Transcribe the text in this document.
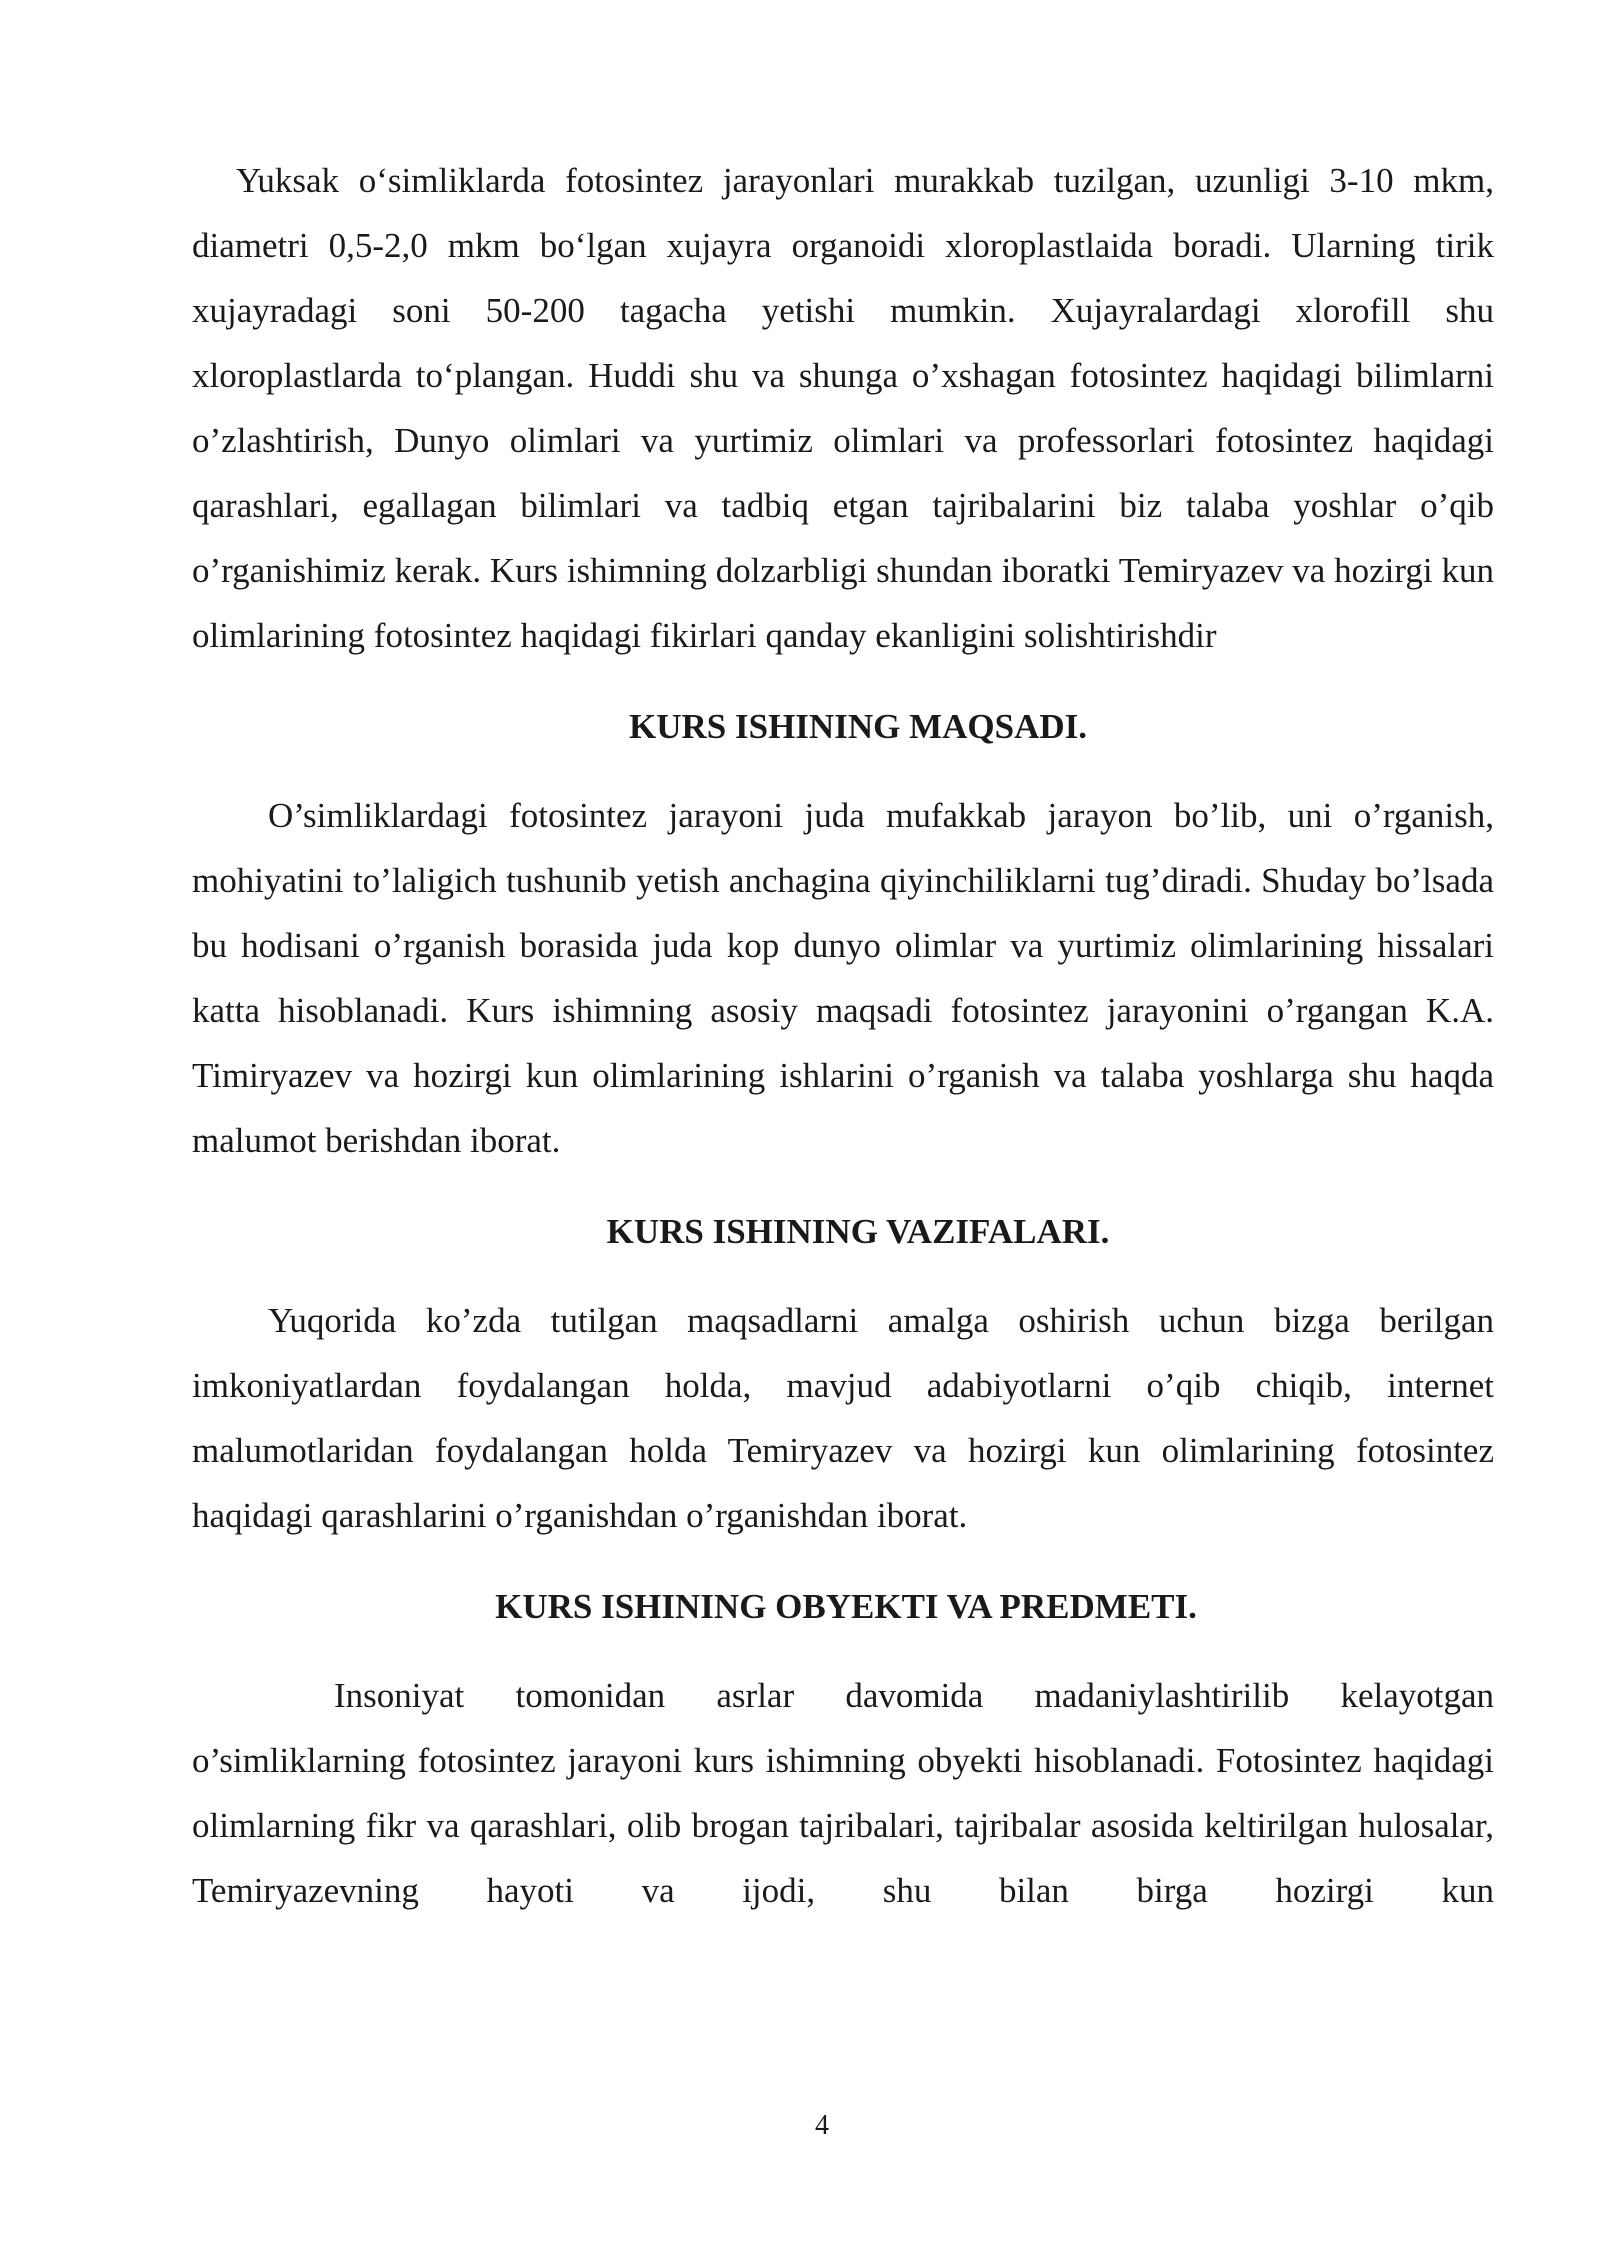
Yuksak o‘simliklarda fotosintez jarayonlari murakkab tuzilgan, uzunligi 3-10 mkm, diametri 0,5-2,0 mkm bo‘lgan xujayra organoidi xloroplastlaida boradi. Ularning tirik xujayradagi soni 50-200 tagacha yetishi mumkin. Xujayralardagi xlorofill shu xloroplastlarda to‘plangan. Huddi shu va shunga o’xshagan fotosintez haqidagi bilimlarni o’zlashtirish, Dunyo olimlari va yurtimiz olimlari va professorlari fotosintez haqidagi qarashlari, egallagan bilimlari va tadbiq etgan tajribalarini biz talaba yoshlar o’qib o’rganishimiz kerak. Kurs ishimning dolzarbligi shundan iboratki Temiryazev va hozirgi kun olimlarining fotosintez haqidagi fikirlari qanday ekanligini solishtirishdir

KURS ISHINING MAQSADI.

O’simliklardagi fotosintez jarayoni juda mufakkab jarayon bo’lib, uni o’rganish, mohiyatini to’laligich tushunib yetish anchagina qiyinchiliklarni tug’diradi. Shuday bo’lsada bu hodisani o’rganish borasida juda kop dunyo olimlar va yurtimiz olimlarining hissalari katta hisoblanadi. Kurs ishimning asosiy maqsadi fotosintez jarayonini o’rgangan K.A. Timiryazev va hozirgi kun olimlarining ishlarini o’rganish va talaba yoshlarga shu haqda malumot berishdan iborat.

KURS ISHINING VAZIFALARI.

Yuqorida ko’zda tutilgan maqsadlarni amalga oshirish uchun bizga berilgan imkoniyatlardan foydalangan holda, mavjud adabiyotlarni o’qib chiqib, internet malumotlaridan foydalangan holda Temiryazev va hozirgi kun olimlarining fotosintez haqidagi qarashlarini o’rganishdan o’rganishdan iborat.

KURS ISHINING OBYEKTI VA PREDMETI.

Insoniyat tomonidan asrlar davomida madaniylashtirilib kelayotgan o’simliklarning fotosintez jarayoni kurs ishimning obyekti hisoblanadi. Fotosintez haqidagi olimlarning fikr va qarashlari, olib brogan tajribalari, tajribalar asosida keltirilgan hulosalar, Temiryazevning hayoti va ijodi, shu bilan birga hozirgi kun

4
